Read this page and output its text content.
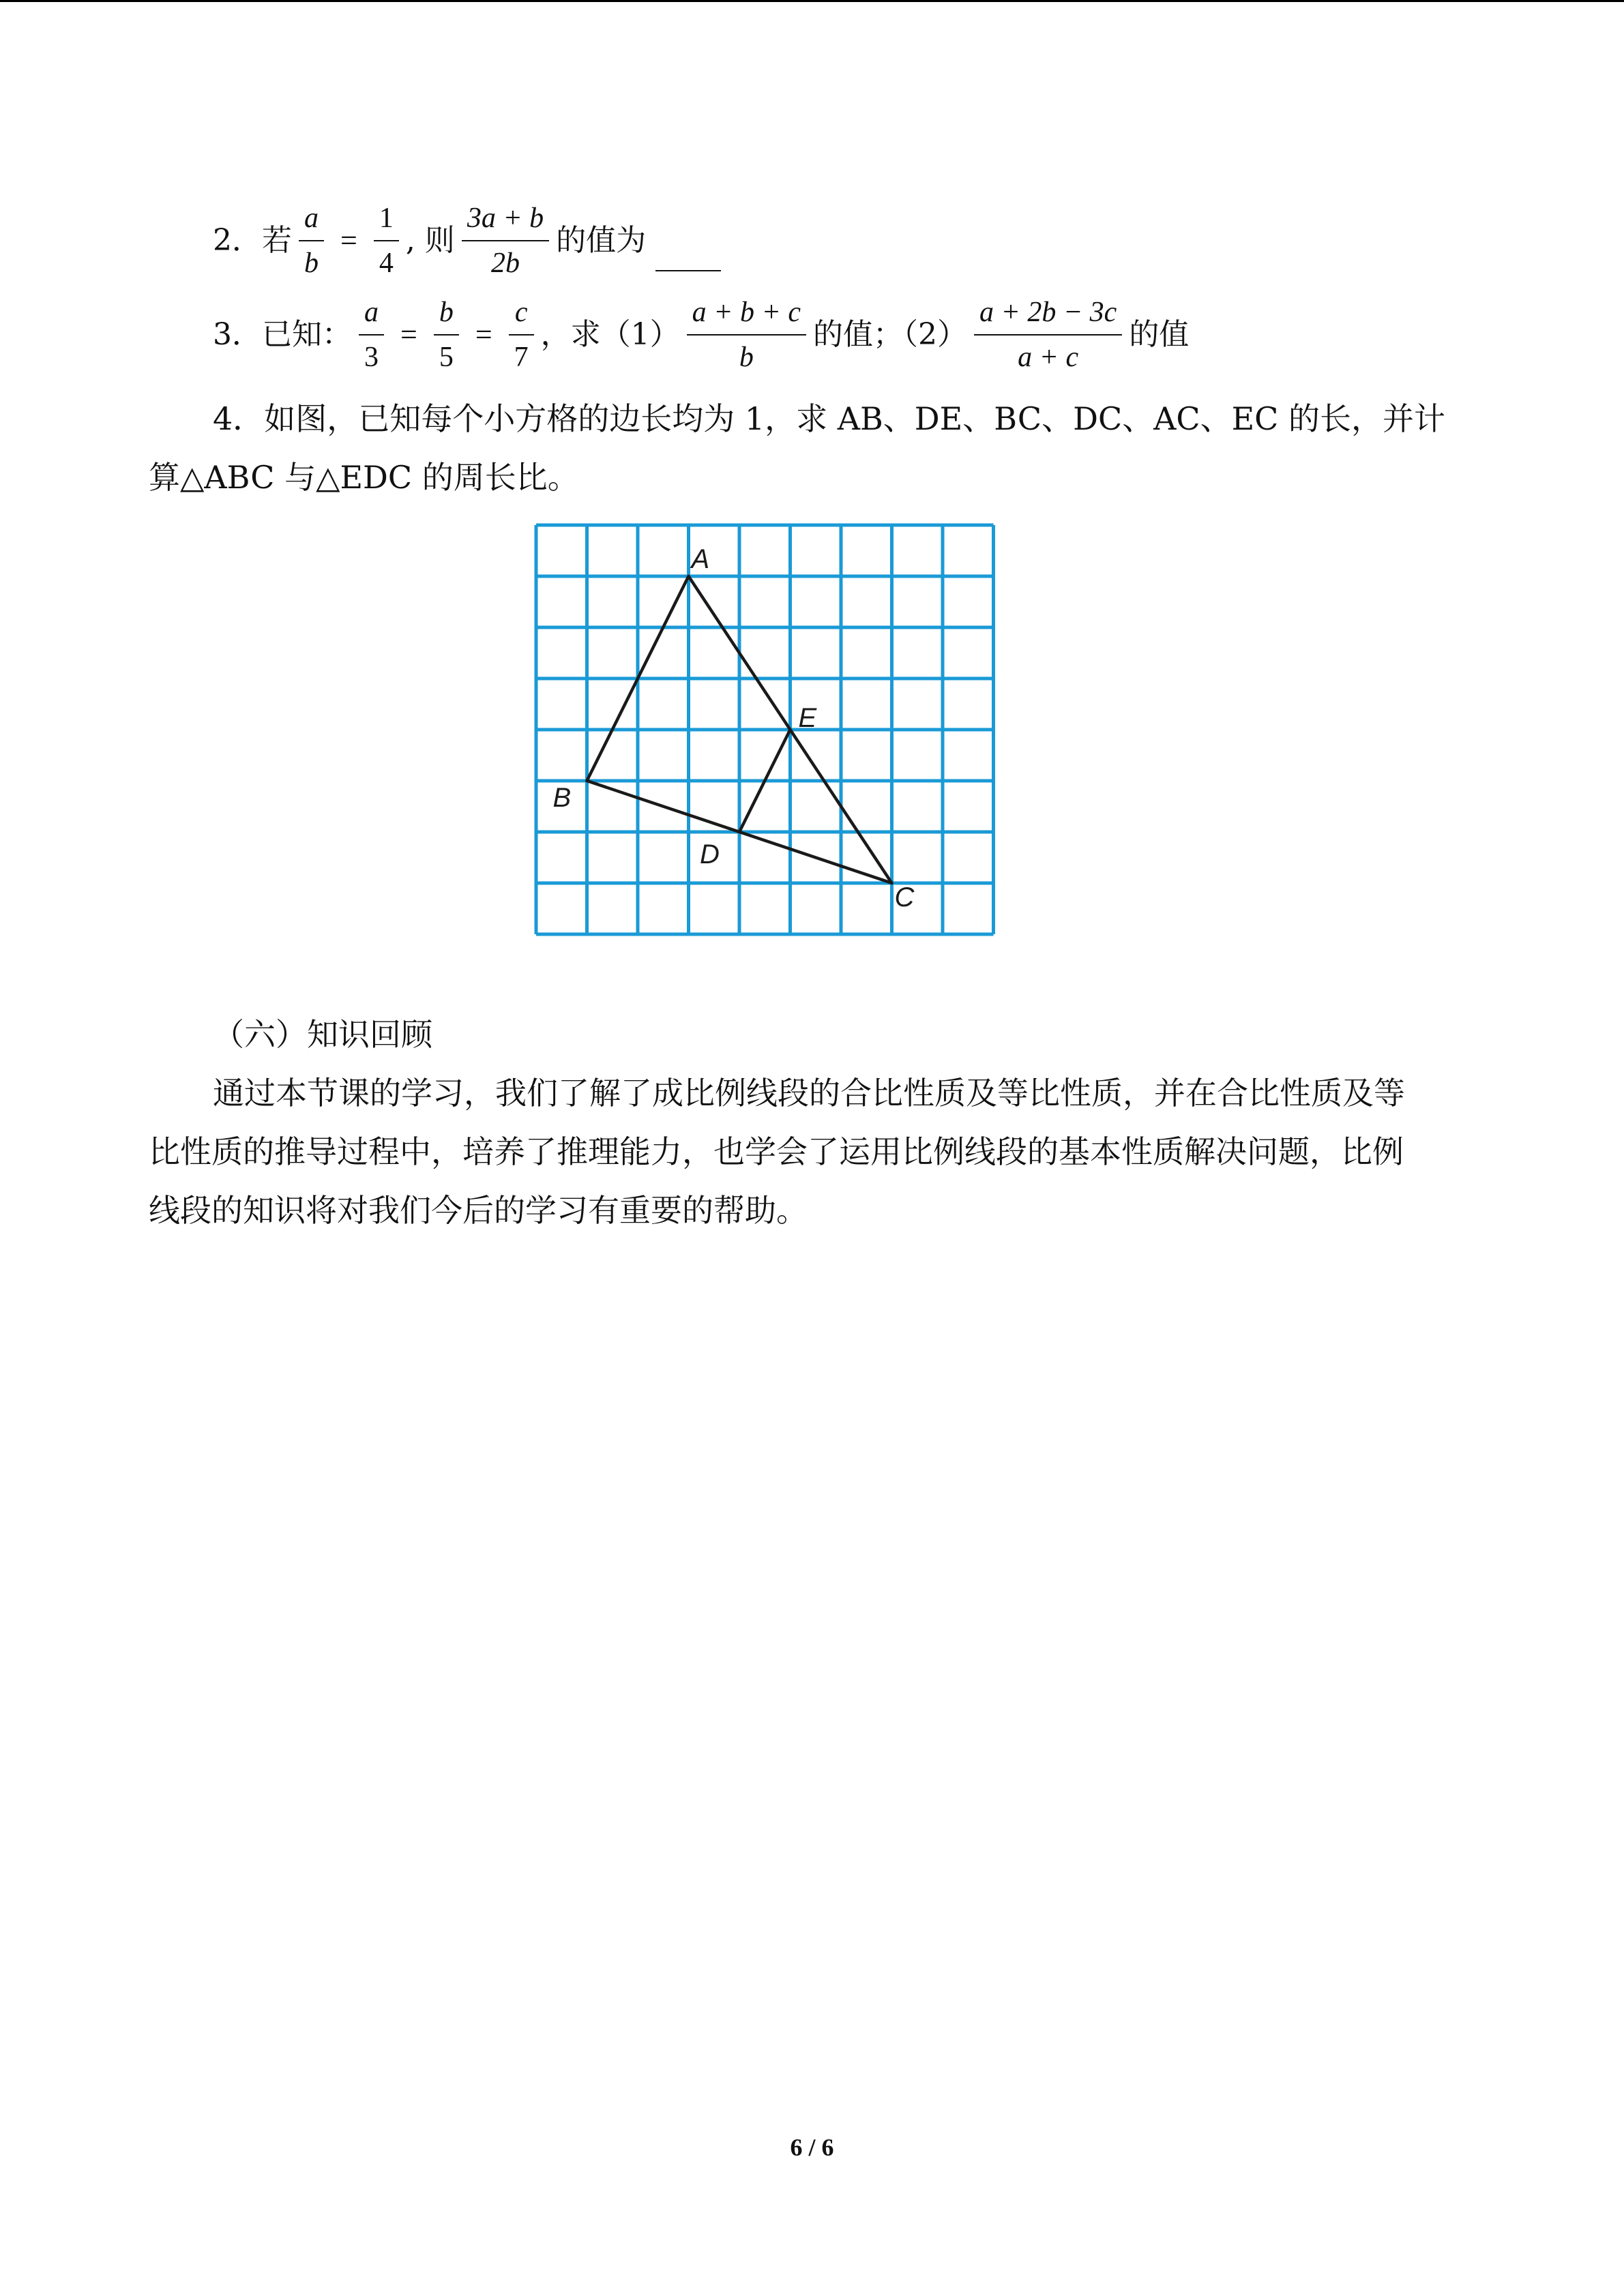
2．若 $\frac{a}{b} = \frac{1}{4}$ , 则 $\frac{3a + b}{2b}$ 的值为
3．已知： $\frac{a}{3} = \frac{b}{5} = \frac{c}{7}$ ，求$(1) \frac{a + b + c}{b}$ 的值；$(2) \frac{a + 2b - 3c}{a + c}$ 的值
4．如图，已知每个小方格的边长均为 1，求 AB、DE、BC、DC、AC、EC 的长，并计
算△ABC 与△EDC 的周长比。
A
B
C
D
E
（六）知识回顾
通过本节课的学习，我们了解了成比例线段的合比性质及等比性质，并在合比性质及等
比性质的推导过程中，培养了推理能力，也学会了运用比例线段的基本性质解决问题，比例
线段的知识将对我们今后的学习有重要的帮助。
6 / 6
